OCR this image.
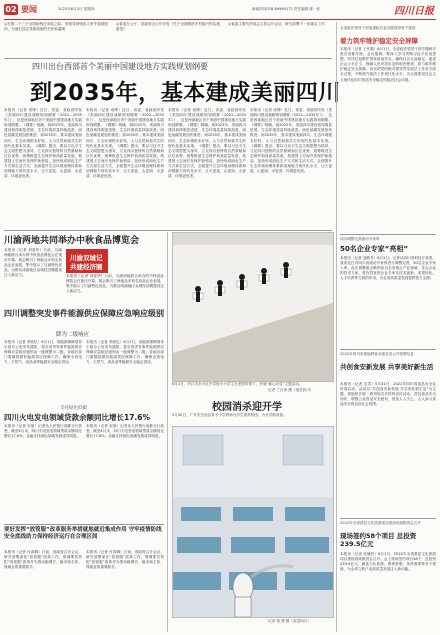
02 要闻	2022年6月2日 星期四	新闻热线028-86969172 责任编辑 陈一佳	四川日报
◎在第二十三个全国助残日来临之际，省领导到残疾人家中看望慰问，为他们送去党和政府的关怀和温暖
◎省委办公厅、省政府办公厅印发《关于全面推进乡村振兴的实施意见》
◎省委主要负责同志主持召开会议，研究部署下一步重点工作
四川出台西部首个美丽中国建设地方实践规划纲要
到2035年，基本建成美丽四川
本报讯（记者 成博）近日，省委、省政府印发《美丽四川建设战略规划纲要（2022—2035年）》，这是西部地区首个美丽中国建设地方实践规划纲要。《纲要》明确，到2025年，美丽四川建设取得明显进展，生态环境质量持续改善，绿色低碳发展加快推进；到2035年，基本建成美丽四川，生态环境根本好转，人与自然和谐共生的现代化基本实现。《纲要》提出，要以习近平生态文明思想为指导，立足四川独特的自然禀赋和区位优势，统筹推进生态保护和高质量发展，构建国土空间开发保护新格局，加快形成绿色生产方式和生活方式，全面提升生态环境治理体系和治理能力现代化水平，让天更蓝、山更绿、水更清、环境更优美。
本报讯（记者 成博）近日，省委、省政府印发《美丽四川建设战略规划纲要（2022—2035年）》，这是西部地区首个美丽中国建设地方实践规划纲要。《纲要》明确，到2025年，美丽四川建设取得明显进展，生态环境质量持续改善，绿色低碳发展加快推进；到2035年，基本建成美丽四川，生态环境根本好转，人与自然和谐共生的现代化基本实现。《纲要》提出，要以习近平生态文明思想为指导，立足四川独特的自然禀赋和区位优势，统筹推进生态保护和高质量发展，构建国土空间开发保护新格局，加快形成绿色生产方式和生活方式，全面提升生态环境治理体系和治理能力现代化水平，让天更蓝、山更绿、水更清、环境更优美。
本报讯（记者 成博）近日，省委、省政府印发《美丽四川建设战略规划纲要（2022—2035年）》，这是西部地区首个美丽中国建设地方实践规划纲要。《纲要》明确，到2025年，美丽四川建设取得明显进展，生态环境质量持续改善，绿色低碳发展加快推进；到2035年，基本建成美丽四川，生态环境根本好转，人与自然和谐共生的现代化基本实现。《纲要》提出，要以习近平生态文明思想为指导，立足四川独特的自然禀赋和区位优势，统筹推进生态保护和高质量发展，构建国土空间开发保护新格局，加快形成绿色生产方式和生活方式，全面提升生态环境治理体系和治理能力现代化水平，让天更蓝、山更绿、水更清、环境更优美。
本报讯（记者 成博）近日，省委、省政府印发《美丽四川建设战略规划纲要（2022—2035年）》，这是西部地区首个美丽中国建设地方实践规划纲要。《纲要》明确，到2025年，美丽四川建设取得明显进展，生态环境质量持续改善，绿色低碳发展加快推进；到2035年，基本建成美丽四川，生态环境根本好转，人与自然和谐共生的现代化基本实现。《纲要》提出，要以习近平生态文明思想为指导，立足四川独特的自然禀赋和区位优势，统筹推进生态保护和高质量发展，构建国土空间开发保护新格局，加快形成绿色生产方式和生活方式，全面提升生态环境治理体系和治理能力现代化水平，让天更蓝、山更绿、水更清、环境更优美。
全省政法领导干部加强政法委各级领导班子建设
着力筑牢维护稳定安全屏障
本报讯（记者 王代强）6月1日，全省政法领导干部专题研讨班在成都开班。会议强调，要深入学习贯彻习近平法治思想，坚决扛起维护国家政治安全、确保社会大局稳定、促进社会公平正义、保障人民安居乐业的职责使命，着力筑牢维护稳定安全屏障，切实把党的绝对领导贯穿政法工作各方面全过程，不断提升政法工作现代化水平，为全面建设社会主义现代化四川营造安全稳定的政治社会环境。
四川调整完善流动专家库
50名企业专家“亮相”
本报讯（记者 寇敏芳）6月1日，记者从四川省科技厅获悉，我省近日对四川省流动专家库进行调整完善，50名企业专家入库。此次调整重点吸纳来自全省重点产业领域、龙头企业的技术专家，将有效发挥企业专家在技术创新、成果转化、人才培养等方面的作用，为全省高质量发展提供智力支撑。
2022年四川省基础教育各级各类公开招聘信息
共创食安新发展 共享美好新生活
本报讯（记者 边雪）5月31日，2022年四川省食品安全宣传周启动，活动以“共创食安新发展 共享美好新生活”为主题，将组织开展一系列形式多样的宣传活动，普及食品安全知识，增强公众食品安全意识，营造人人关心、人人参与食品安全的良好社会氛围。
2022年全省基层文化旅游项目建设现场推进会召开
现场签约58个项目 总投资239.5亿元
本报讯（记者 吴晓铃）6月1日，2022年全省基层文化旅游项目建设现场推进会召开。会上现场签约项目58个，总投资239.5亿元，涵盖文化旅游、康养度假、体育赛事等多个领域，为全省文旅产业高质量发展注入新动能。
川渝两地共同举办中秋食品博览会
本报讯（记者 刘春华）日前，川渝两地联合举办的中秋食品博览会在重庆开幕，展会吸引了两地众多知名食品企业参展，集中展示了川渝特色食品，为推动成渝地区双城经济圈建设注入新活力。
川渝双城记
共建经济圈
本报讯（记者 刘春华）日前，川渝两地联合举办的中秋食品博览会在重庆开幕，展会吸引了两地众多知名食品企业参展，集中展示了川渝特色食品，为推动成渝地区双城经济圈建设注入新活力。
四川调整突发事件能源供应保障应急响应级别
降为二级响应
本报讯（记者 李欣忆）6月1日，省能源保障领导小组办公室发布通知，将全省突发事件能源供应保障应急响应级别由一级调整为二级。各地各部门要继续做好能源供应保障工作，确保全省电力、天然气、成品油等能源安全稳定供应。
本报讯（记者 李欣忆）6月1日，省能源保障领导小组办公室发布通知，将全省突发事件能源供应保障应急响应级别由一级调整为二级。各地各部门要继续做好能源供应保障工作，确保全省电力、天然气、成品油等能源安全稳定供应。
支持绿色低碳
四川火电发电领域贷款余额同比增长17.6%
本报讯（记者 宋豪）记者从人民银行成都分行获悉，截至4月末，四川火电发电领域贷款余额同比增长17.6%，金融支持绿色低碳发展成效明显。
本报讯（记者 宋豪）记者从人民银行成都分行获悉，截至4月末，四川火电发电领域贷款余额同比增长17.6%，金融支持绿色低碳发展成效明显。
要好发挥“放管服”改革服务举措就地就近集成作用 守牢疫情防线安全底线助力保持经济运行在合理区间
本报讯（记者 付真卿）日前，省政府召开会议，研究部署深化“放管服”改革工作，强调要坚持把“放管服”改革作为推动稳增长、稳市场主体、保就业的重要抓手。
本报讯（记者 付真卿）日前，省政府召开会议，研究部署深化“放管服”改革工作，强调要坚持把“放管服”改革作为推动稳增长、稳市场主体、保就业的重要抓手。
6月1日，内江市东兴区中学校小小学生在老师带领下，开展“童心向党”主题活动。
记者 兰自涛 摄（视觉四川）
校园消杀迎开学
5月30日，广安市岳池县育才小学教师为学生消杀校园，为开学做准备。
记者 杨 勇 摄（视觉四川）
